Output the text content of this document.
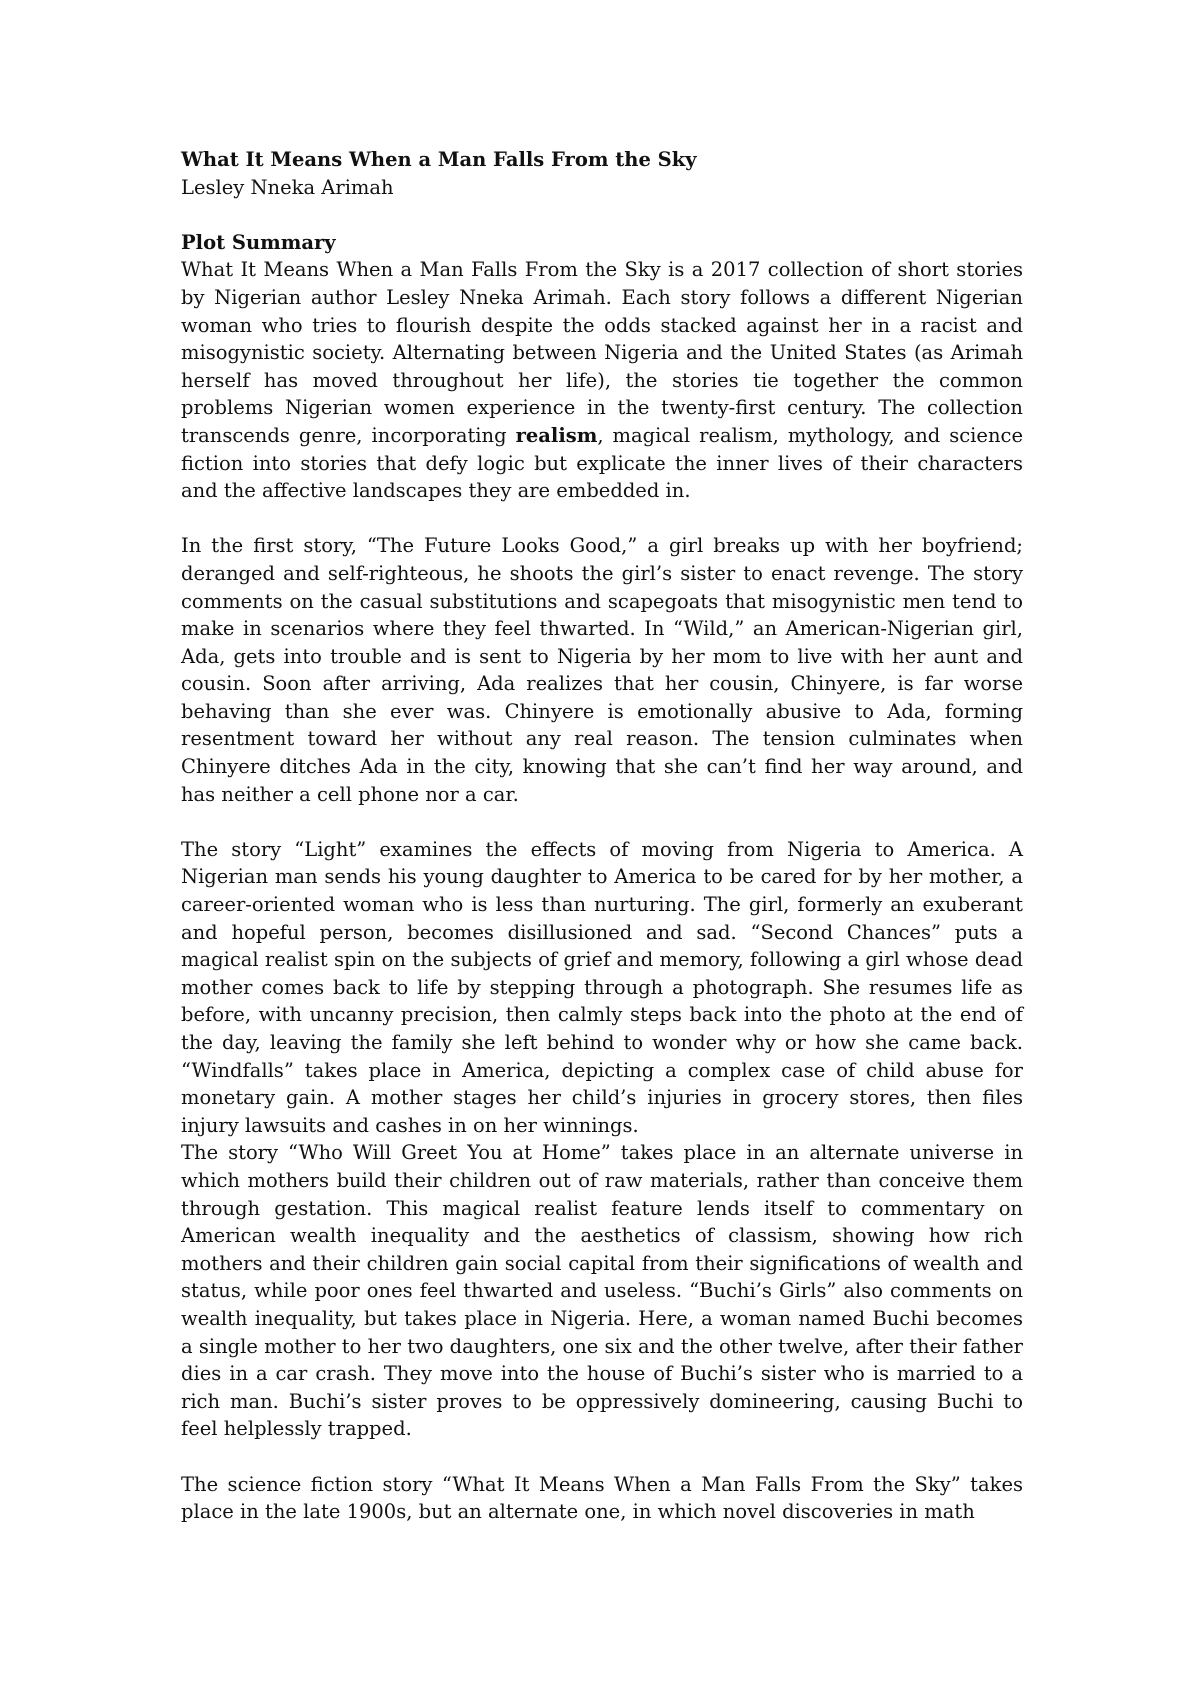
What It Means When a Man Falls From the Sky
Lesley Nneka Arimah
Plot Summary

What It Means When a Man Falls From the Sky is a 2017 collection of short stories by Nigerian author Lesley Nneka Arimah. Each story follows a different Nigerian woman who tries to flourish despite the odds stacked against her in a racist and misogynistic society. Alternating between Nigeria and the United States (as Arimah herself has moved throughout her life), the stories tie together the common problems Nigerian women experience in the twenty-first century. The collection transcends genre, incorporating realism, magical realism, mythology, and science fiction into stories that defy logic but explicate the inner lives of their characters and the affective landscapes they are embedded in.

In the first story, “The Future Looks Good,” a girl breaks up with her boyfriend; deranged and self-righteous, he shoots the girl’s sister to enact revenge. The story comments on the casual substitutions and scapegoats that misogynistic men tend to make in scenarios where they feel thwarted. In “Wild,” an American-Nigerian girl, Ada, gets into trouble and is sent to Nigeria by her mom to live with her aunt and cousin. Soon after arriving, Ada realizes that her cousin, Chinyere, is far worse behaving than she ever was. Chinyere is emotionally abusive to Ada, forming resentment toward her without any real reason. The tension culminates when Chinyere ditches Ada in the city, knowing that she can’t find her way around, and has neither a cell phone nor a car.

The story “Light” examines the effects of moving from Nigeria to America. A Nigerian man sends his young daughter to America to be cared for by her mother, a career-oriented woman who is less than nurturing. The girl, formerly an exuberant and hopeful person, becomes disillusioned and sad. “Second Chances” puts a magical realist spin on the subjects of grief and memory, following a girl whose dead mother comes back to life by stepping through a photograph. She resumes life as before, with uncanny precision, then calmly steps back into the photo at the end of the day, leaving the family she left behind to wonder why or how she came back. “Windfalls” takes place in America, depicting a complex case of child abuse for monetary gain. A mother stages her child’s injuries in grocery stores, then files injury lawsuits and cashes in on her winnings.

The story “Who Will Greet You at Home” takes place in an alternate universe in which mothers build their children out of raw materials, rather than conceive them through gestation. This magical realist feature lends itself to commentary on American wealth inequality and the aesthetics of classism, showing how rich mothers and their children gain social capital from their significations of wealth and status, while poor ones feel thwarted and useless. “Buchi’s Girls” also comments on wealth inequality, but takes place in Nigeria. Here, a woman named Buchi becomes a single mother to her two daughters, one six and the other twelve, after their father dies in a car crash. They move into the house of Buchi’s sister who is married to a rich man. Buchi’s sister proves to be oppressively domineering, causing Buchi to feel helplessly trapped.

The science fiction story “What It Means When a Man Falls From the Sky” takes place in the late 1900s, but an alternate one, in which novel discoveries in math
